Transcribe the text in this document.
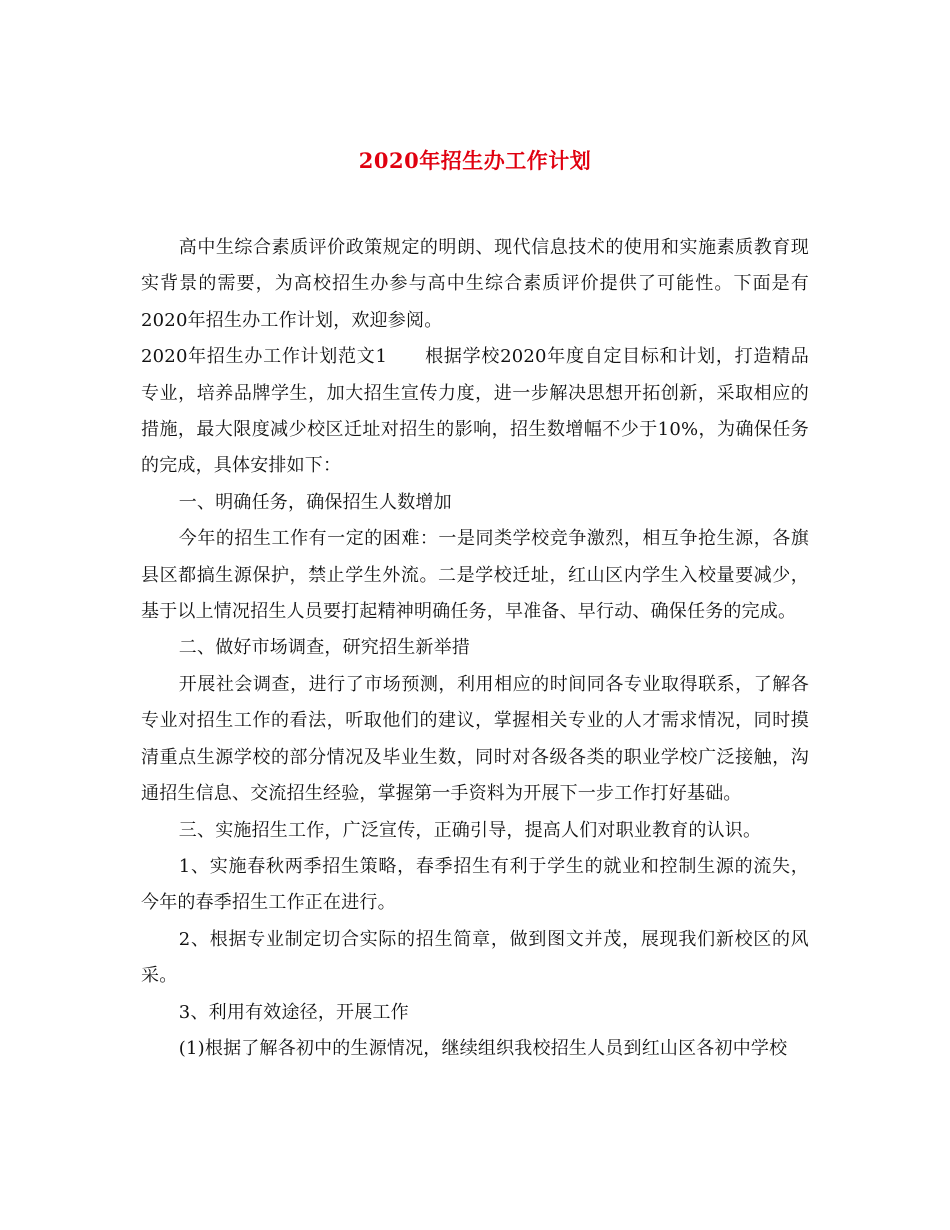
2020年招生办工作计划

高中生综合素质评价政策规定的明朗、现代信息技术的使用和实施素质教育现实背景的需要，为高校招生办参与高中生综合素质评价提供了可能性。下面是有2020年招生办工作计划，欢迎参阅。

2020年招生办工作计划范文1　　根据学校2020年度自定目标和计划，打造精品专业，培养品牌学生，加大招生宣传力度，进一步解决思想开拓创新，采取相应的措施，最大限度减少校区迁址对招生的影响，招生数增幅不少于10%，为确保任务的完成，具体安排如下：

一、明确任务，确保招生人数增加

今年的招生工作有一定的困难：一是同类学校竞争激烈，相互争抢生源，各旗县区都搞生源保护，禁止学生外流。二是学校迁址，红山区内学生入校量要减少，基于以上情况招生人员要打起精神明确任务，早准备、早行动、确保任务的完成。

二、做好市场调查，研究招生新举措

开展社会调查，进行了市场预测，利用相应的时间同各专业取得联系，了解各专业对招生工作的看法，听取他们的建议，掌握相关专业的人才需求情况，同时摸清重点生源学校的部分情况及毕业生数，同时对各级各类的职业学校广泛接触，沟通招生信息、交流招生经验，掌握第一手资料为开展下一步工作打好基础。

三、实施招生工作，广泛宣传，正确引导，提高人们对职业教育的认识。

1、实施春秋两季招生策略，春季招生有利于学生的就业和控制生源的流失，今年的春季招生工作正在进行。

2、根据专业制定切合实际的招生简章，做到图文并茂，展现我们新校区的风采。

3、利用有效途径，开展工作

(1)根据了解各初中的生源情况，继续组织我校招生人员到红山区各初中学校
